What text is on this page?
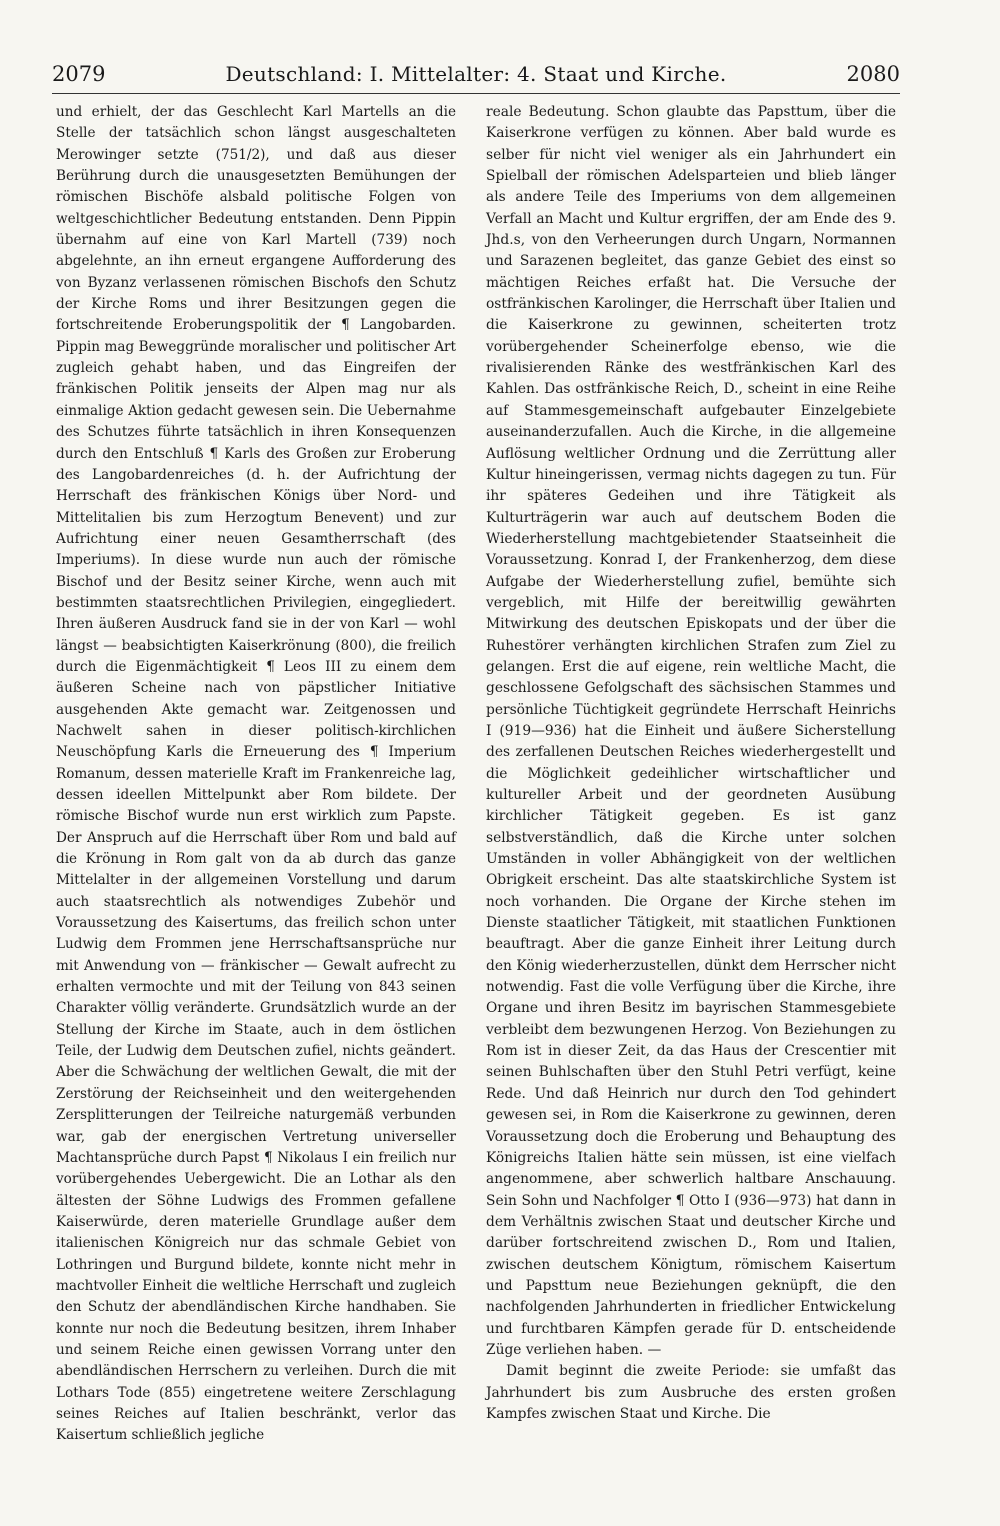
2079	Deutschland: I. Mittelalter: 4. Staat und Kirche.	2080

und erhielt, der das Geschlecht Karl Martells an die Stelle der tatsächlich schon längst ausgeschalteten Merowinger setzte (751/2), und daß aus dieser Berührung durch die unausgesetzten Bemühungen der römischen Bischöfe alsbald politische Folgen von weltgeschichtlicher Bedeutung entstanden. Denn Pippin übernahm auf eine von Karl Martell (739) noch abgelehnte, an ihn erneut ergangene Aufforderung des von Byzanz verlassenen römischen Bischofs den Schutz der Kirche Roms und ihrer Besitzungen gegen die fortschreitende Eroberungspolitik der ¶ Langobarden. Pippin mag Beweggründe moralischer und politischer Art zugleich gehabt haben, und das Eingreifen der fränkischen Politik jenseits der Alpen mag nur als einmalige Aktion gedacht gewesen sein. Die Uebernahme des Schutzes führte tatsächlich in ihren Konsequenzen durch den Entschluß ¶ Karls des Großen zur Eroberung des Langobardenreiches (d. h. der Aufrichtung der Herrschaft des fränkischen Königs über Nord- und Mittelitalien bis zum Herzogtum Benevent) und zur Aufrichtung einer neuen Gesamtherrschaft (des Imperiums). In diese wurde nun auch der römische Bischof und der Besitz seiner Kirche, wenn auch mit bestimmten staatsrechtlichen Privilegien, eingegliedert. Ihren äußeren Ausdruck fand sie in der von Karl — wohl längst — beabsichtigten Kaiserkrönung (800), die freilich durch die Eigenmächtigkeit ¶ Leos III zu einem dem äußeren Scheine nach von päpstlicher Initiative ausgehenden Akte gemacht war. Zeitgenossen und Nachwelt sahen in dieser politisch-kirchlichen Neuschöpfung Karls die Erneuerung des ¶ Imperium Romanum, dessen materielle Kraft im Frankenreiche lag, dessen ideellen Mittelpunkt aber Rom bildete. Der römische Bischof wurde nun erst wirklich zum Papste. Der Anspruch auf die Herrschaft über Rom und bald auf die Krönung in Rom galt von da ab durch das ganze Mittelalter in der allgemeinen Vorstellung und darum auch staatsrechtlich als notwendiges Zubehör und Voraussetzung des Kaisertums, das freilich schon unter Ludwig dem Frommen jene Herrschaftsansprüche nur mit Anwendung von — fränkischer — Gewalt aufrecht zu erhalten vermochte und mit der Teilung von 843 seinen Charakter völlig veränderte. Grundsätzlich wurde an der Stellung der Kirche im Staate, auch in dem östlichen Teile, der Ludwig dem Deutschen zufiel, nichts geändert. Aber die Schwächung der weltlichen Gewalt, die mit der Zerstörung der Reichseinheit und den weitergehenden Zersplitterungen der Teilreiche naturgemäß verbunden war, gab der energischen Vertretung universeller Machtansprüche durch Papst ¶ Nikolaus I ein freilich nur vorübergehendes Uebergewicht. Die an Lothar als den ältesten der Söhne Ludwigs des Frommen gefallene Kaiserwürde, deren materielle Grundlage außer dem italienischen Königreich nur das schmale Gebiet von Lothringen und Burgund bildete, konnte nicht mehr in machtvoller Einheit die weltliche Herrschaft und zugleich den Schutz der abendländischen Kirche handhaben. Sie konnte nur noch die Bedeutung besitzen, ihrem Inhaber und seinem Reiche einen gewissen Vorrang unter den abendländischen Herrschern zu verleihen. Durch die mit Lothars Tode (855) eingetretene weitere Zerschlagung seines Reiches auf Italien beschränkt, verlor das Kaisertum schließlich jegliche

reale Bedeutung. Schon glaubte das Papsttum, über die Kaiserkrone verfügen zu können. Aber bald wurde es selber für nicht viel weniger als ein Jahrhundert ein Spielball der römischen Adelsparteien und blieb länger als andere Teile des Imperiums von dem allgemeinen Verfall an Macht und Kultur ergriffen, der am Ende des 9. Jhd.s, von den Verheerungen durch Ungarn, Normannen und Sarazenen begleitet, das ganze Gebiet des einst so mächtigen Reiches erfaßt hat. Die Versuche der ostfränkischen Karolinger, die Herrschaft über Italien und die Kaiserkrone zu gewinnen, scheiterten trotz vorübergehender Scheinerfolge ebenso, wie die rivalisierenden Ränke des westfränkischen Karl des Kahlen. Das ostfränkische Reich, D., scheint in eine Reihe auf Stammesgemeinschaft aufgebauter Einzelgebiete auseinanderzufallen. Auch die Kirche, in die allgemeine Auflösung weltlicher Ordnung und die Zerrüttung aller Kultur hineingerissen, vermag nichts dagegen zu tun. Für ihr späteres Gedeihen und ihre Tätigkeit als Kulturträgerin war auch auf deutschem Boden die Wiederherstellung machtgebietender Staatseinheit die Voraussetzung. Konrad I, der Frankenherzog, dem diese Aufgabe der Wiederherstellung zufiel, bemühte sich vergeblich, mit Hilfe der bereitwillig gewährten Mitwirkung des deutschen Episkopats und der über die Ruhestörer verhängten kirchlichen Strafen zum Ziel zu gelangen. Erst die auf eigene, rein weltliche Macht, die geschlossene Gefolgschaft des sächsischen Stammes und persönliche Tüchtigkeit gegründete Herrschaft Heinrichs I (919—936) hat die Einheit und äußere Sicherstellung des zerfallenen Deutschen Reiches wiederhergestellt und die Möglichkeit gedeihlicher wirtschaftlicher und kultureller Arbeit und der geordneten Ausübung kirchlicher Tätigkeit gegeben. Es ist ganz selbstverständlich, daß die Kirche unter solchen Umständen in voller Abhängigkeit von der weltlichen Obrigkeit erscheint. Das alte staatskirchliche System ist noch vorhanden. Die Organe der Kirche stehen im Dienste staatlicher Tätigkeit, mit staatlichen Funktionen beauftragt. Aber die ganze Einheit ihrer Leitung durch den König wiederherzustellen, dünkt dem Herrscher nicht notwendig. Fast die volle Verfügung über die Kirche, ihre Organe und ihren Besitz im bayrischen Stammesgebiete verbleibt dem bezwungenen Herzog. Von Beziehungen zu Rom ist in dieser Zeit, da das Haus der Crescentier mit seinen Buhlschaften über den Stuhl Petri verfügt, keine Rede. Und daß Heinrich nur durch den Tod gehindert gewesen sei, in Rom die Kaiserkrone zu gewinnen, deren Voraussetzung doch die Eroberung und Behauptung des Königreichs Italien hätte sein müssen, ist eine vielfach angenommene, aber schwerlich haltbare Anschauung. Sein Sohn und Nachfolger ¶ Otto I (936—973) hat dann in dem Verhältnis zwischen Staat und deutscher Kirche und darüber fortschreitend zwischen D., Rom und Italien, zwischen deutschem Königtum, römischem Kaisertum und Papsttum neue Beziehungen geknüpft, die den nachfolgenden Jahrhunderten in friedlicher Entwickelung und furchtbaren Kämpfen gerade für D. entscheidende Züge verliehen haben. —

Damit beginnt die zweite Periode: sie umfaßt das Jahrhundert bis zum Ausbruche des ersten großen Kampfes zwischen Staat und Kirche. Die
